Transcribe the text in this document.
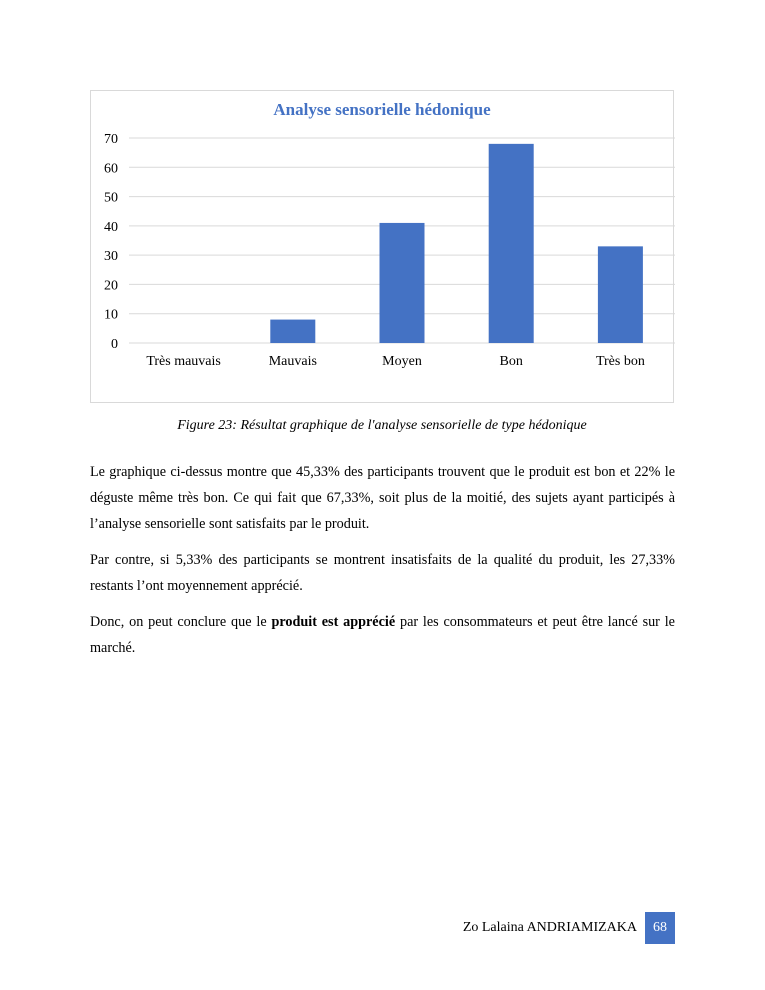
Analyse sensorielle hédonique
0
10
20
30
40
50
60
70
Très mauvais	Mauvais	Moyen	Bon	Très bon
Figure 23: Résultat graphique de l'analyse sensorielle de type hédonique

Le graphique ci-dessus montre que 45,33% des participants trouvent que le produit est bon et 22% le déguste même très bon. Ce qui fait que 67,33%, soit plus de la moitié, des sujets ayant participés à l’analyse sensorielle sont satisfaits par le produit.

Par contre, si 5,33% des participants se montrent insatisfaits de la qualité du produit, les 27,33% restants l’ont moyennement apprécié.

Donc, on peut conclure que le produit est apprécié par les consommateurs et peut être lancé sur le marché.

Zo Lalaina ANDRIAMIZAKA	68
